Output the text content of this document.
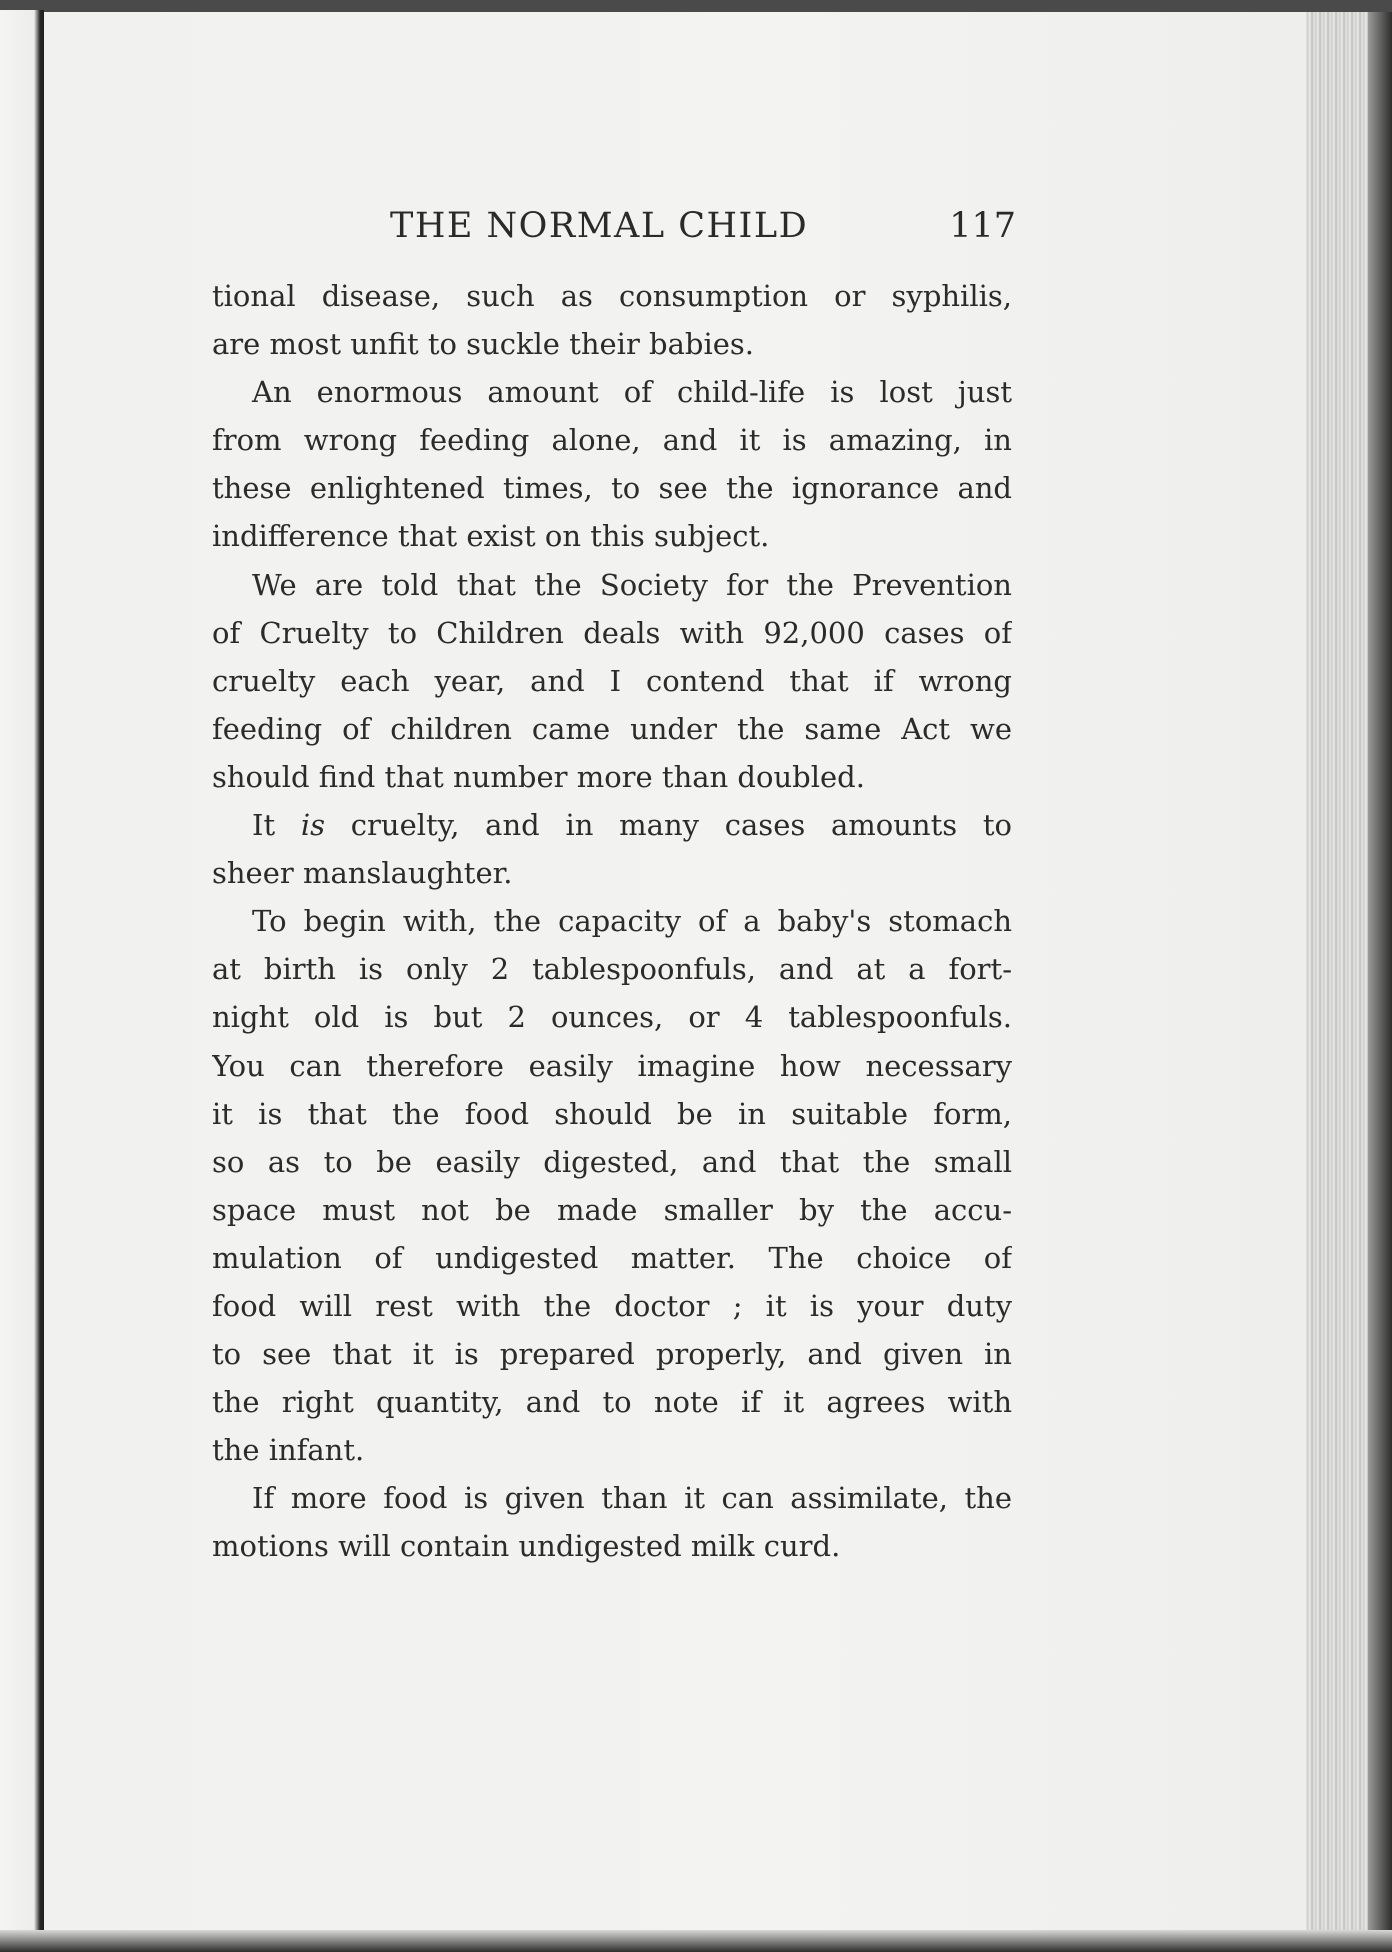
THE NORMAL CHILD	117

tional disease, such as consumption or syphilis,
are most unfit to suckle their babies.

An enormous amount of child-life is lost just
from wrong feeding alone, and it is amazing, in
these enlightened times, to see the ignorance and
indifference that exist on this subject.

We are told that the Society for the Prevention
of Cruelty to Children deals with 92,000 cases of
cruelty each year, and I contend that if wrong
feeding of children came under the same Act we
should find that number more than doubled.

It is cruelty, and in many cases amounts to
sheer manslaughter.

To begin with, the capacity of a baby's stomach
at birth is only 2 tablespoonfuls, and at a fort-
night old is but 2 ounces, or 4 tablespoonfuls.
You can therefore easily imagine how necessary
it is that the food should be in suitable form,
so as to be easily digested, and that the small
space must not be made smaller by the accu-
mulation of undigested matter. The choice of
food will rest with the doctor ; it is your duty
to see that it is prepared properly, and given in
the right quantity, and to note if it agrees with
the infant.

If more food is given than it can assimilate, the
motions will contain undigested milk curd.
